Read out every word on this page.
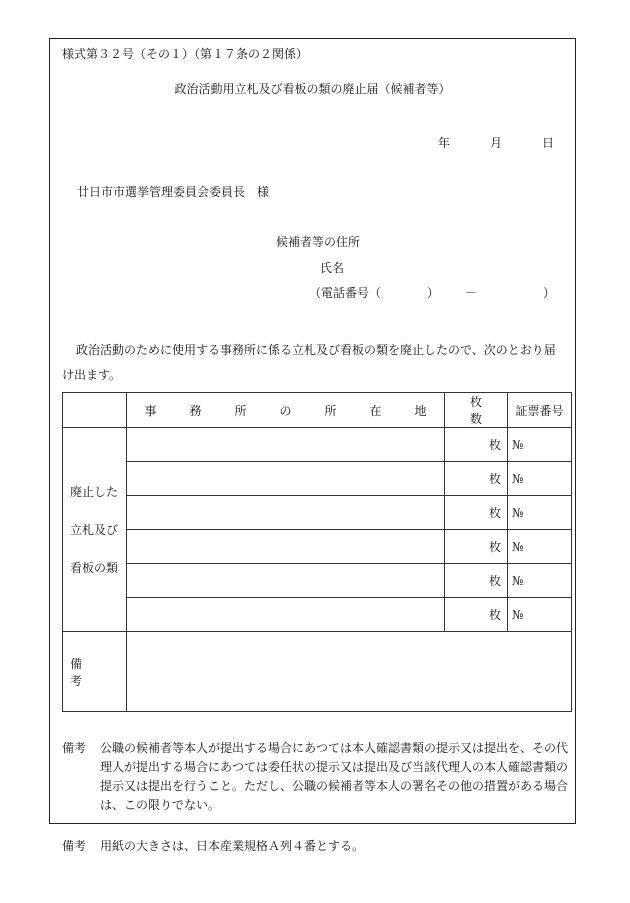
様式第３２号（その１）（第１７条の２関係）
政治活動用立札及び看板の類の廃止届（候補者等）
年	月	日
廿日市市選挙管理委員会委員長　様
候補者等の住所
氏名
（電話番号（	） －	）
政治活動のために使用する事務所に係る立札及び看板の類を廃止したので、次のとおり届け出ます。
	事 務 所 の 所 在 地	枚数	証票番号

廃止した
立札及び
看板の類		枚	№
		枚	№
		枚	№
		枚	№
		枚	№
		枚	№
備考			
備考 公職の候補者等本人が提出する場合にあつては本人確認書類の提示又は提出を、その代理人が提出する場合にあつては委任状の提示又は提出及び当該代理人の本人確認書類の提示又は提出を行うこと。ただし、公職の候補者等本人の署名その他の措置がある場合は、この限りでない。
備考 用紙の大きさは、日本産業規格Ａ列４番とする。
